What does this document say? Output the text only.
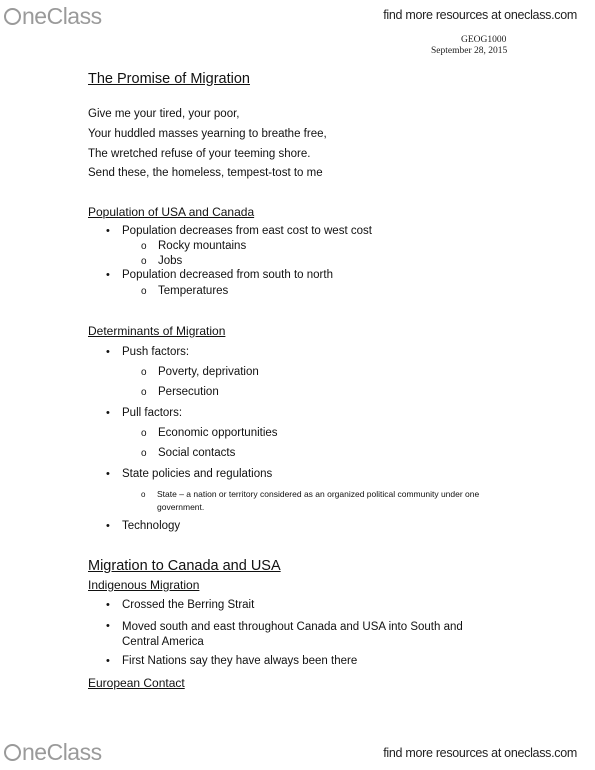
neClass	find more resources at oneclass.com
GEOG1000
September 28, 2015
The Promise of Migration
Give me your tired, your poor,
Your huddled masses yearning to breathe free,
The wretched refuse of your teeming shore.
Send these, the homeless, tempest-tost to me
Population of USA and Canada
• Population decreases from east cost to west cost
o Rocky mountains
o Jobs
• Population decreased from south to north
o Temperatures
Determinants of Migration
• Push factors:
o Poverty, deprivation
o Persecution
• Pull factors:
o Economic opportunities
o Social contacts
• State policies and regulations
o State – a nation or territory considered as an organized political community under one government.
• Technology
Migration to Canada and USA
Indigenous Migration
• Crossed the Berring Strait
• Moved south and east throughout Canada and USA into South and Central America
• First Nations say they have always been there
European Contact
neClass	find more resources at oneclass.com
